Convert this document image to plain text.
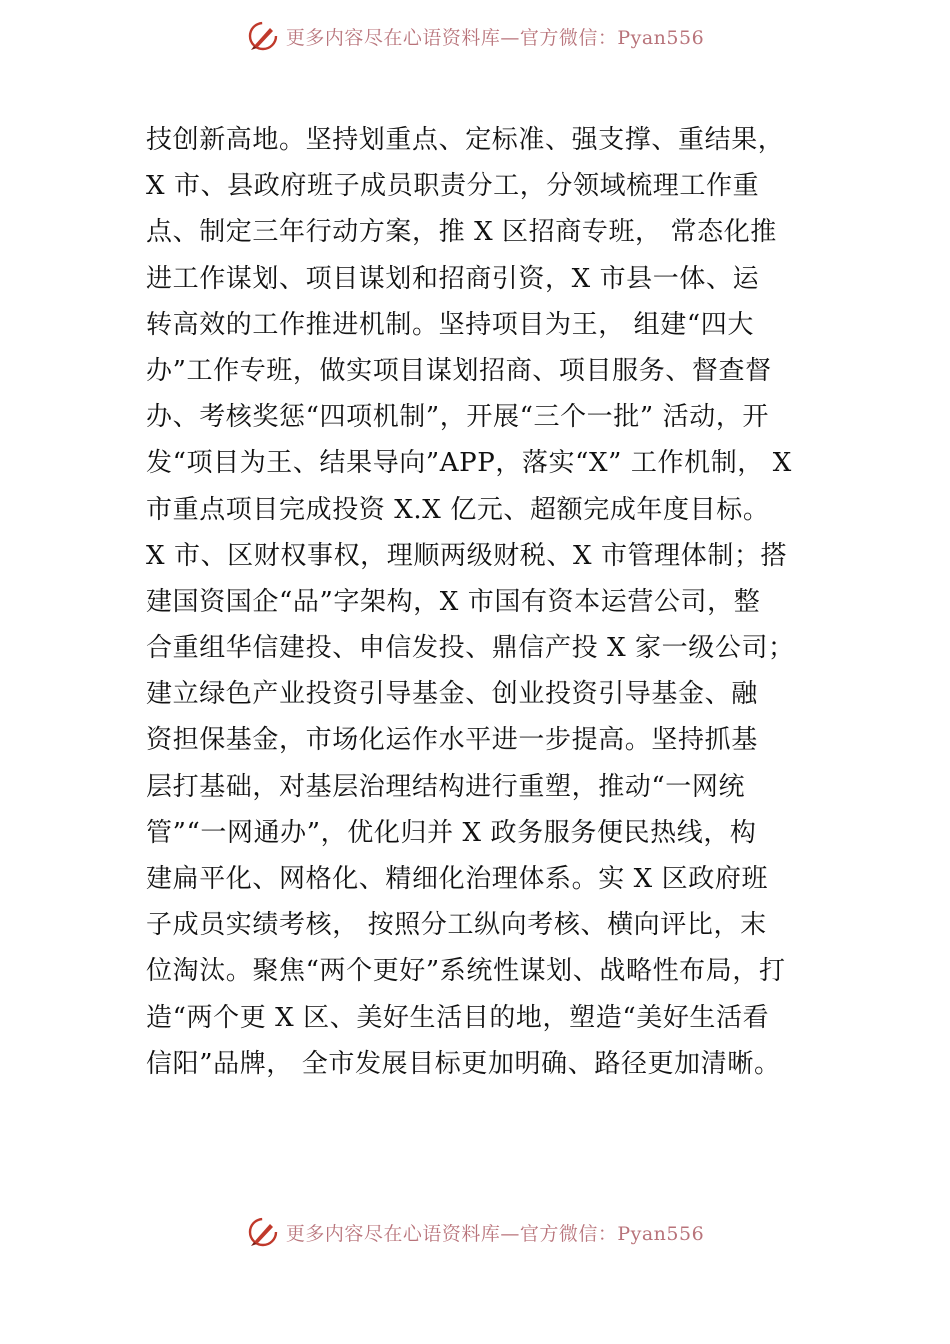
更多内容尽在心语资料库—官方微信：Pyan556
技创新高地。坚持划重点、定标准、强支撑、重结果，
X 市、县政府班子成员职责分工，分领域梳理工作重
点、制定三年行动方案，推 X 区招商专班， 常态化推
进工作谋划、项目谋划和招商引资，X 市县一体、运
转高效的工作推进机制。坚持项目为王， 组建“四大
办”工作专班，做实项目谋划招商、项目服务、督查督
办、考核奖惩“四项机制”，开展“三个一批” 活动，开
发“项目为王、结果导向”APP，落实“X” 工作机制， X
市重点项目完成投资 X.X 亿元、超额完成年度目标。
X 市、区财权事权，理顺两级财税、X 市管理体制；搭
建国资国企“品”字架构，X 市国有资本运营公司，整
合重组华信建投、申信发投、鼎信产投 X 家一级公司；
建立绿色产业投资引导基金、创业投资引导基金、融
资担保基金，市场化运作水平进一步提高。坚持抓基
层打基础，对基层治理结构进行重塑，推动“一网统
管”“一网通办”，优化归并 X 政务服务便民热线，构
建扁平化、网格化、精细化治理体系。实 X 区政府班
子成员实绩考核， 按照分工纵向考核、横向评比，末
位淘汰。聚焦“两个更好”系统性谋划、战略性布局，打
造“两个更 X 区、美好生活目的地，塑造“美好生活看
信阳”品牌， 全市发展目标更加明确、路径更加清晰。
更多内容尽在心语资料库—官方微信：Pyan556
